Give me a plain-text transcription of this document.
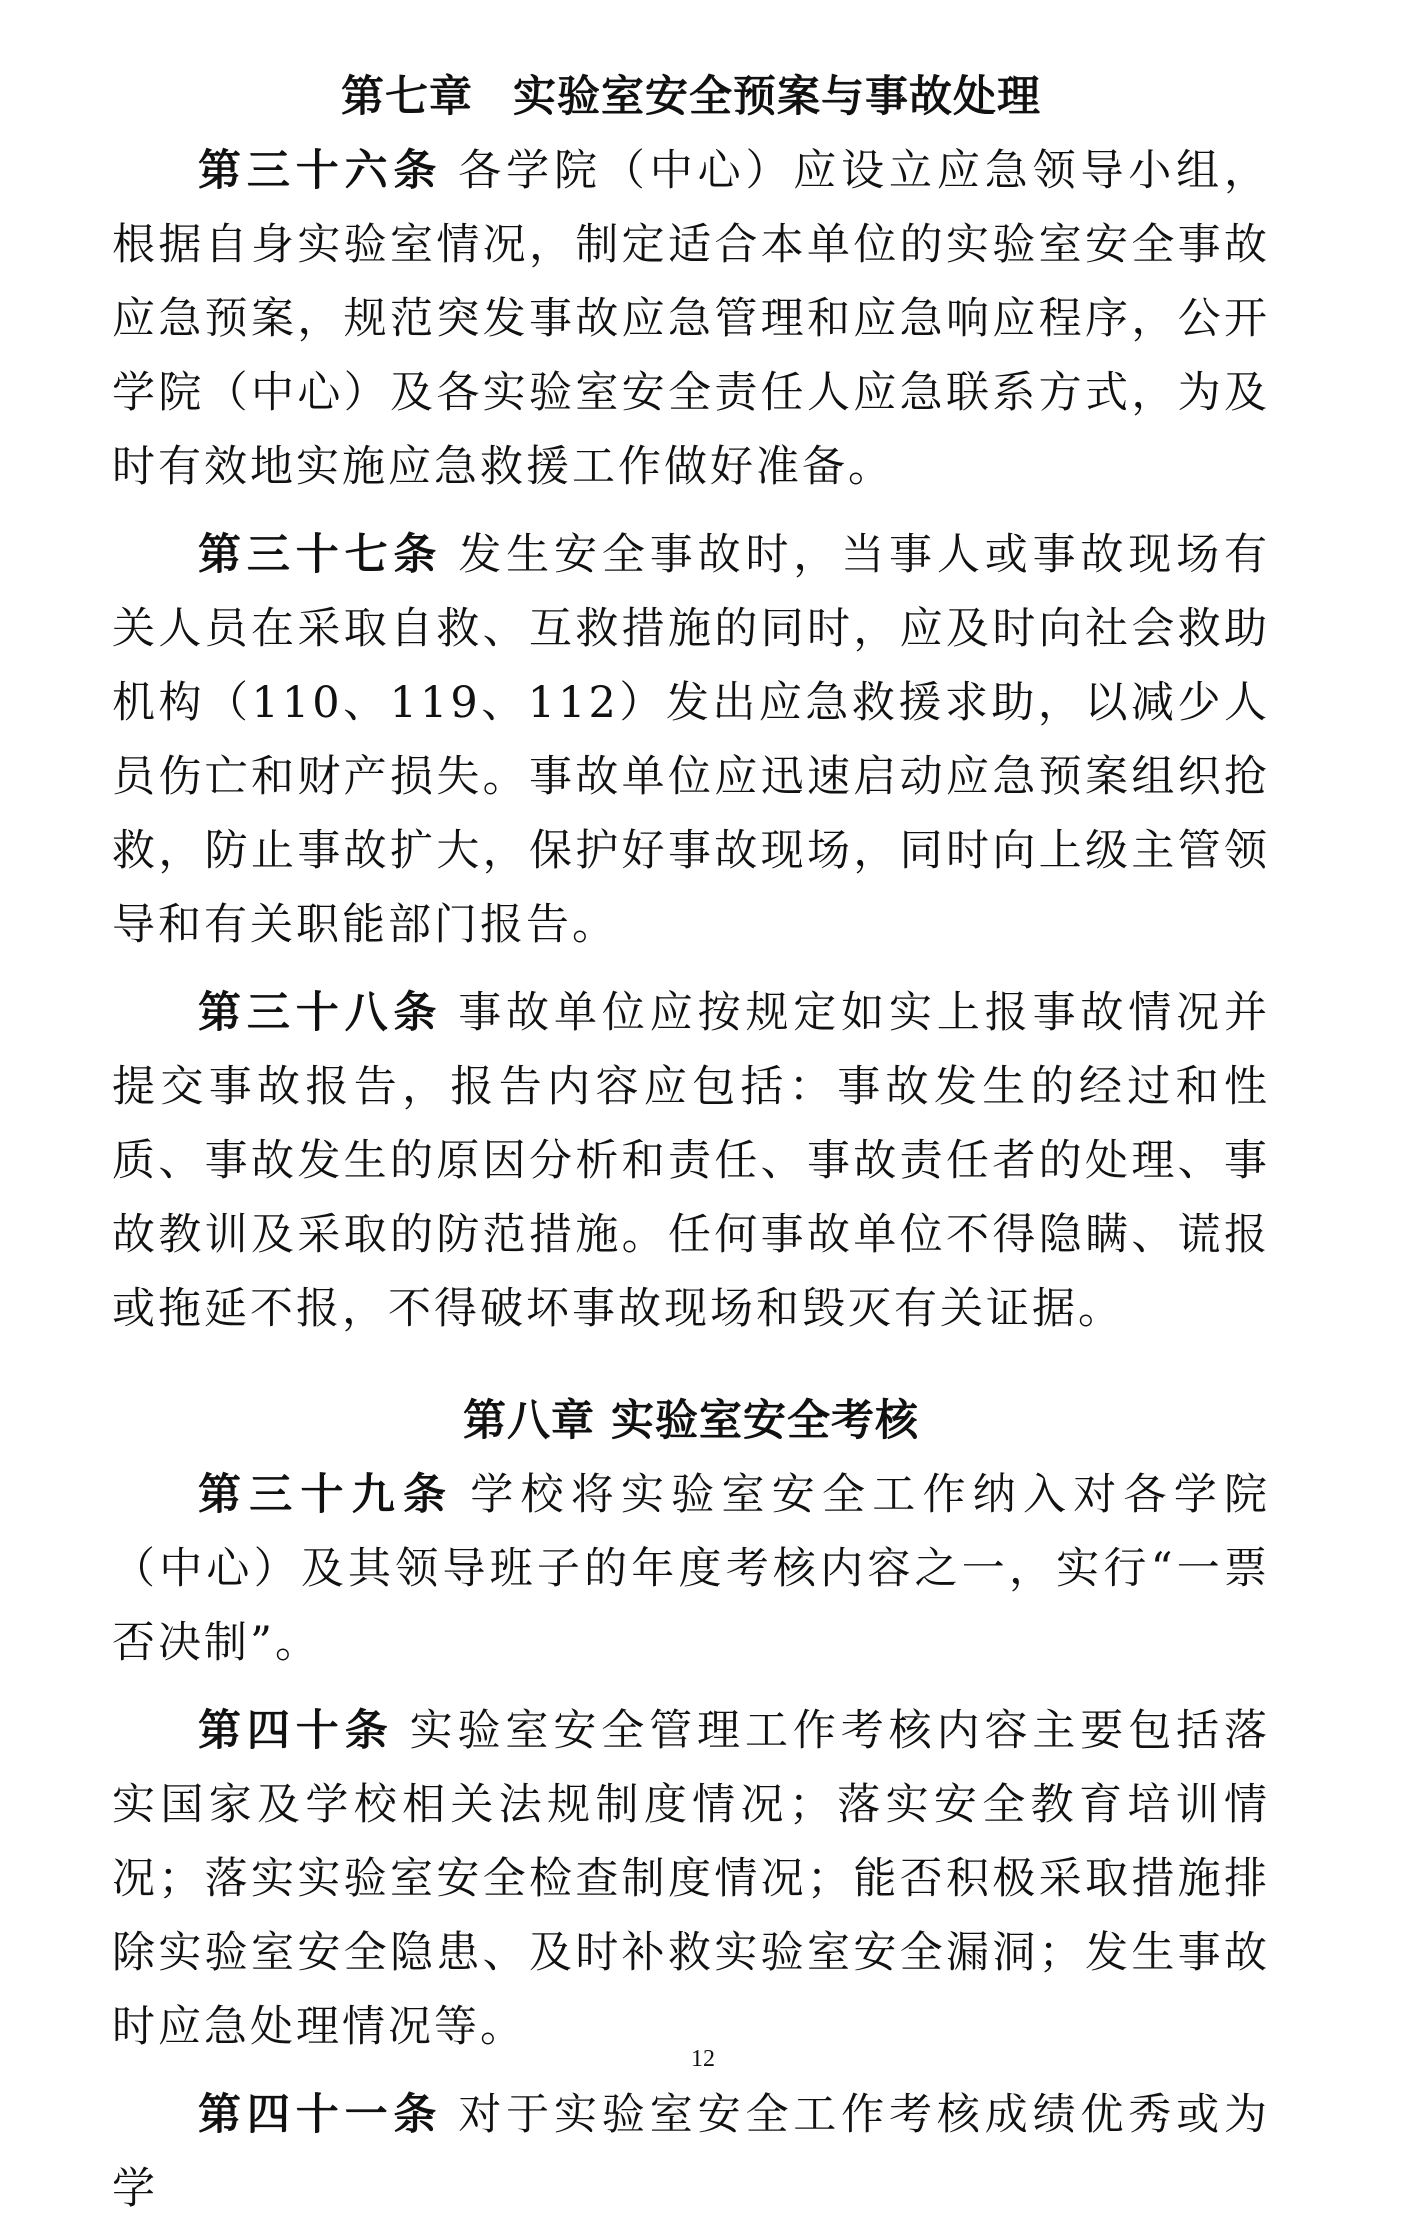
第七章 实验室安全预案与事故处理

第三十六条 各学院（中心）应设立应急领导小组，根据自身实验室情况，制定适合本单位的实验室安全事故应急预案，规范突发事故应急管理和应急响应程序，公开学院（中心）及各实验室安全责任人应急联系方式，为及时有效地实施应急救援工作做好准备。

第三十七条 发生安全事故时，当事人或事故现场有关人员在采取自救、互救措施的同时，应及时向社会救助机构（110、119、112）发出应急救援求助，以减少人员伤亡和财产损失。事故单位应迅速启动应急预案组织抢救，防止事故扩大，保护好事故现场，同时向上级主管领导和有关职能部门报告。

第三十八条 事故单位应按规定如实上报事故情况并提交事故报告，报告内容应包括：事故发生的经过和性质、事故发生的原因分析和责任、事故责任者的处理、事故教训及采取的防范措施。任何事故单位不得隐瞒、谎报或拖延不报，不得破坏事故现场和毁灭有关证据。

第八章 实验室安全考核

第三十九条 学校将实验室安全工作纳入对各学院（中心）及其领导班子的年度考核内容之一，实行“一票否决制”。

第四十条 实验室安全管理工作考核内容主要包括落实国家及学校相关法规制度情况；落实安全教育培训情况；落实实验室安全检查制度情况；能否积极采取措施排除实验室安全隐患、及时补救实验室安全漏洞；发生事故时应急处理情况等。

第四十一条 对于实验室安全工作考核成绩优秀或为学

12
